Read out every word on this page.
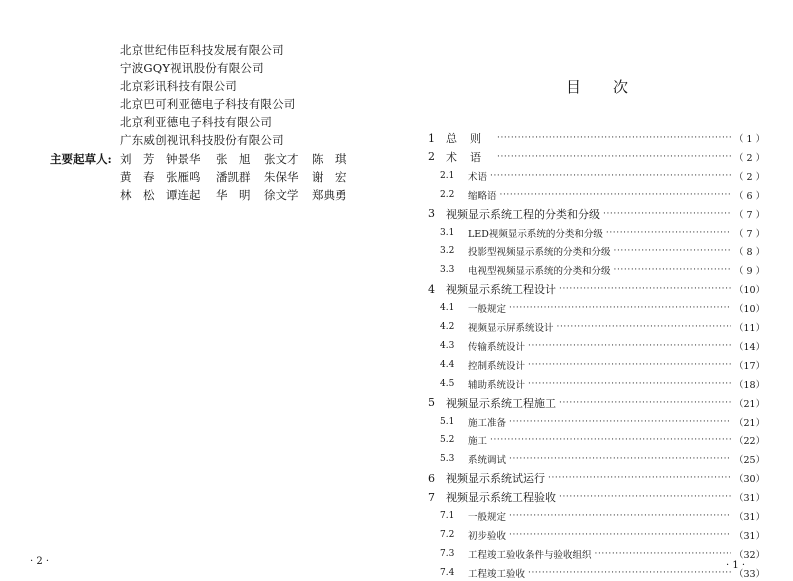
北京世纪伟臣科技发展有限公司
宁波GQY视讯股份有限公司
北京彩讯科技有限公司
北京巴可利亚德电子科技有限公司
北京利亚德电子科技有限公司
广东威创视讯科技股份有限公司
主要起草人: 刘　芳 钟景华 张　旭 张文才 陈　琪
黄　春 张雁鸣 潘凯群 朱保华 谢　宏
林　松 谭连起 华　明 徐文学 郑典勇
· 2 ·
目次
1	总则 ·····	（ 1 ）
2	术语 ·····	（ 2 ）
2.1	术语 ·····	（ 2 ）
2.2	缩略语 ·····	（ 6 ）
3	视频显示系统工程的分类和分级 ·····	（ 7 ）
3.1	LED视频显示系统的分类和分级 ·····	（ 7 ）
3.2	投影型视频显示系统的分类和分级 ·····	（ 8 ）
3.3	电视型视频显示系统的分类和分级 ·····	（ 9 ）
4	视频显示系统工程设计 ·····	（10）
4.1	一般规定 ·····	（10）
4.2	视频显示屏系统设计 ·····	（11）
4.3	传输系统设计 ·····	（14）
4.4	控制系统设计 ·····	（17）
4.5	辅助系统设计 ·····	（18）
5	视频显示系统工程施工 ·····	（21）
5.1	施工准备 ·····	（21）
5.2	施工 ·····	（22）
5.3	系统调试 ·····	（25）
6	视频显示系统试运行 ·····	（30）
7	视频显示系统工程验收 ·····	（31）
7.1	一般规定 ·····	（31）
7.2	初步验收 ·····	（31）
7.3	工程竣工验收条件与验收组织 ·····	（32）
7.4	工程竣工验收 ·····	（33）
· 1 ·
